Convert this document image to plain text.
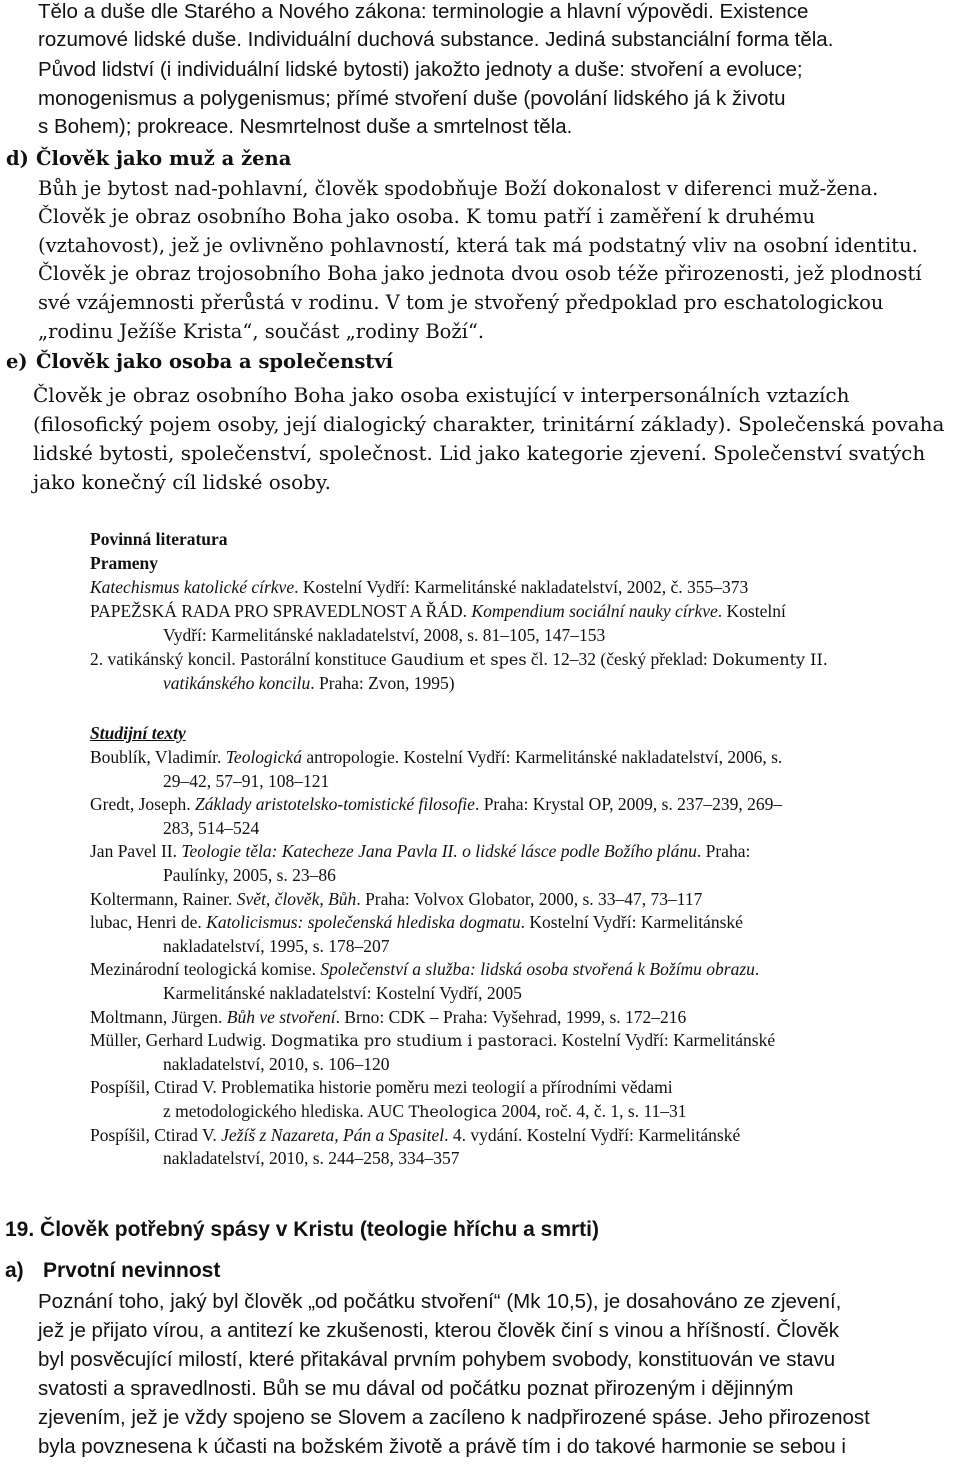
Tělo a duše dle Starého a Nového zákona: terminologie a hlavní výpovědi. Existence
rozumové lidské duše. Individuální duchová substance. Jediná substanciální forma těla.
Původ lidství (i individuální lidské bytosti) jakožto jednoty a duše: stvoření a evoluce;
monogenismus a polygenismus; přímé stvoření duše (povolání lidského já k životu
s Bohem); prokreace. Nesmrtelnost duše a smrtelnost těla.
d) Člověk jako muž a žena
Bůh je bytost nad-pohlavní, člověk spodobňuje Boží dokonalost v diferenci muž-žena.
Člověk je obraz osobního Boha jako osoba. K tomu patří i zaměření k druhému
(vztahovost), jež je ovlivněno pohlavností, která tak má podstatný vliv na osobní identitu.
Člověk je obraz trojosobního Boha jako jednota dvou osob téže přirozenosti, jež plodností
své vzájemnosti přerůstá v rodinu. V tom je stvořený předpoklad pro eschatologickou
„rodinu Ježíše Krista“, součást „rodiny Boží“.
e) Člověk jako osoba a společenství
Člověk je obraz osobního Boha jako osoba existující v interpersonálních vztazích
(filosofický pojem osoby, její dialogický charakter, trinitární základy). Společenská povaha
lidské bytosti, společenství, společnost. Lid jako kategorie zjevení. Společenství svatých
jako konečný cíl lidské osoby.
Povinná literatura
Prameny
Katechismus katolické církve. Kostelní Vydří: Karmelitánské nakladatelství, 2002, č. 355–373
PAPEŽSKÁ RADA PRO SPRAVEDLNOST A ŘÁD. Kompendium sociální nauky církve. Kostelní
Vydří: Karmelitánské nakladatelství, 2008, s. 81–105, 147–153
2. vatikánský koncil. Pastorální konstituce Gaudium et spes čl. 12–32 (český překlad: Dokumenty II.
vatikánského koncilu. Praha: Zvon, 1995)
Studijní texty
Boublík, Vladimír. Teologická antropologie. Kostelní Vydří: Karmelitánské nakladatelství, 2006, s.
29–42, 57–91, 108–121
Gredt, Joseph. Základy aristotelsko-tomistické filosofie. Praha: Krystal OP, 2009, s. 237–239, 269–
283, 514–524
Jan Pavel II. Teologie těla: Katecheze Jana Pavla II. o lidské lásce podle Božího plánu. Praha:
Paulínky, 2005, s. 23–86
Koltermann, Rainer. Svět, člověk, Bůh. Praha: Volvox Globator, 2000, s. 33–47, 73–117
lubac, Henri de. Katolicismus: společenská hlediska dogmatu. Kostelní Vydří: Karmelitánské
nakladatelství, 1995, s. 178–207
Mezinárodní teologická komise. Společenství a služba: lidská osoba stvořená k Božímu obrazu.
Karmelitánské nakladatelství: Kostelní Vydří, 2005
Moltmann, Jürgen. Bůh ve stvoření. Brno: CDK – Praha: Vyšehrad, 1999, s. 172–216
Müller, Gerhard Ludwig. Dogmatika pro studium i pastoraci. Kostelní Vydří: Karmelitánské
nakladatelství, 2010, s. 106–120
Pospíšil, Ctirad V. Problematika historie poměru mezi teologií a přírodními vědami
z metodologického hlediska. AUC Theologica 2004, roč. 4, č. 1, s. 11–31
Pospíšil, Ctirad V. Ježíš z Nazareta, Pán a Spasitel. 4. vydání. Kostelní Vydří: Karmelitánské
nakladatelství, 2010, s. 244–258, 334–357
19. Člověk potřebný spásy v Kristu (teologie hříchu a smrti)
a) Prvotní nevinnost
Poznání toho, jaký byl člověk „od počátku stvoření“ (Mk 10,5), je dosahováno ze zjevení,
jež je přijato vírou, a antitezí ke zkušenosti, kterou člověk činí s vinou a hříšností. Člověk
byl posvěcující milostí, které přitakával prvním pohybem svobody, konstituován ve stavu
svatosti a spravedlnosti. Bůh se mu dával od počátku poznat přirozeným i dějinným
zjevením, jež je vždy spojeno se Slovem a zacíleno k nadpřirozené spáse. Jeho přirozenost
byla povznesena k účasti na božském životě a právě tím i do takové harmonie se sebou i
